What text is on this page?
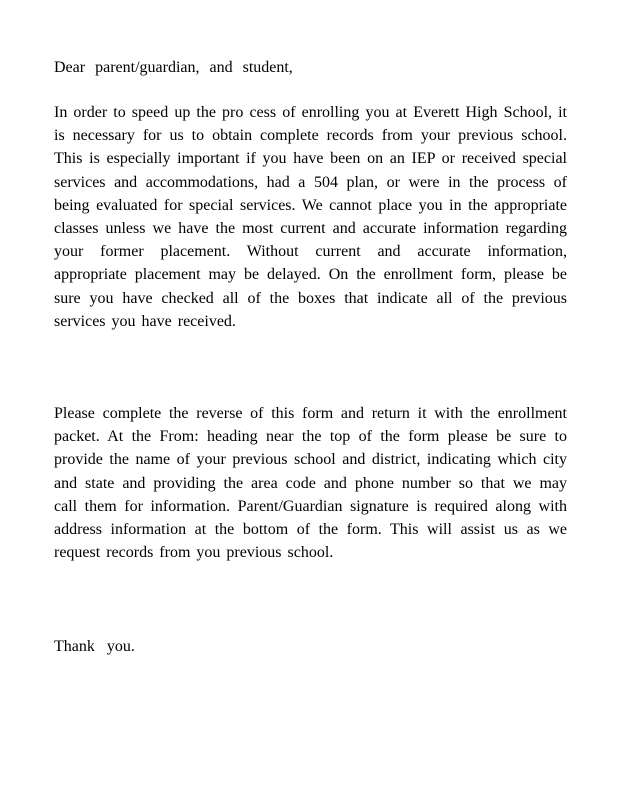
Dear parent/guardian, and student,

In order to speed up the pro cess of enrolling you at Everett High School, it is necessary for us to obtain complete records from your previous school. This is especially important if you have been on an IEP or received special services and accommodations, had a 504 plan, or were in the process of being evaluated for special services. We cannot place you in the appropriate classes unless we have the most current and accurate information regarding your former placement. Without current and accurate information, appropriate placement may be delayed. On the enrollment form, please be sure you have checked all of the boxes that indicate all of the previous services you have received.

Please complete the reverse of this form and return it with the enrollment packet. At the From: heading near the top of the form please be sure to provide the name of your previous school and district, indicating which city and state and providing the area code and phone number so that we may call them for information. Parent/Guardian signature is required along with address information at the bottom of the form. This will assist us as we request records from you previous school.

Thank you.
